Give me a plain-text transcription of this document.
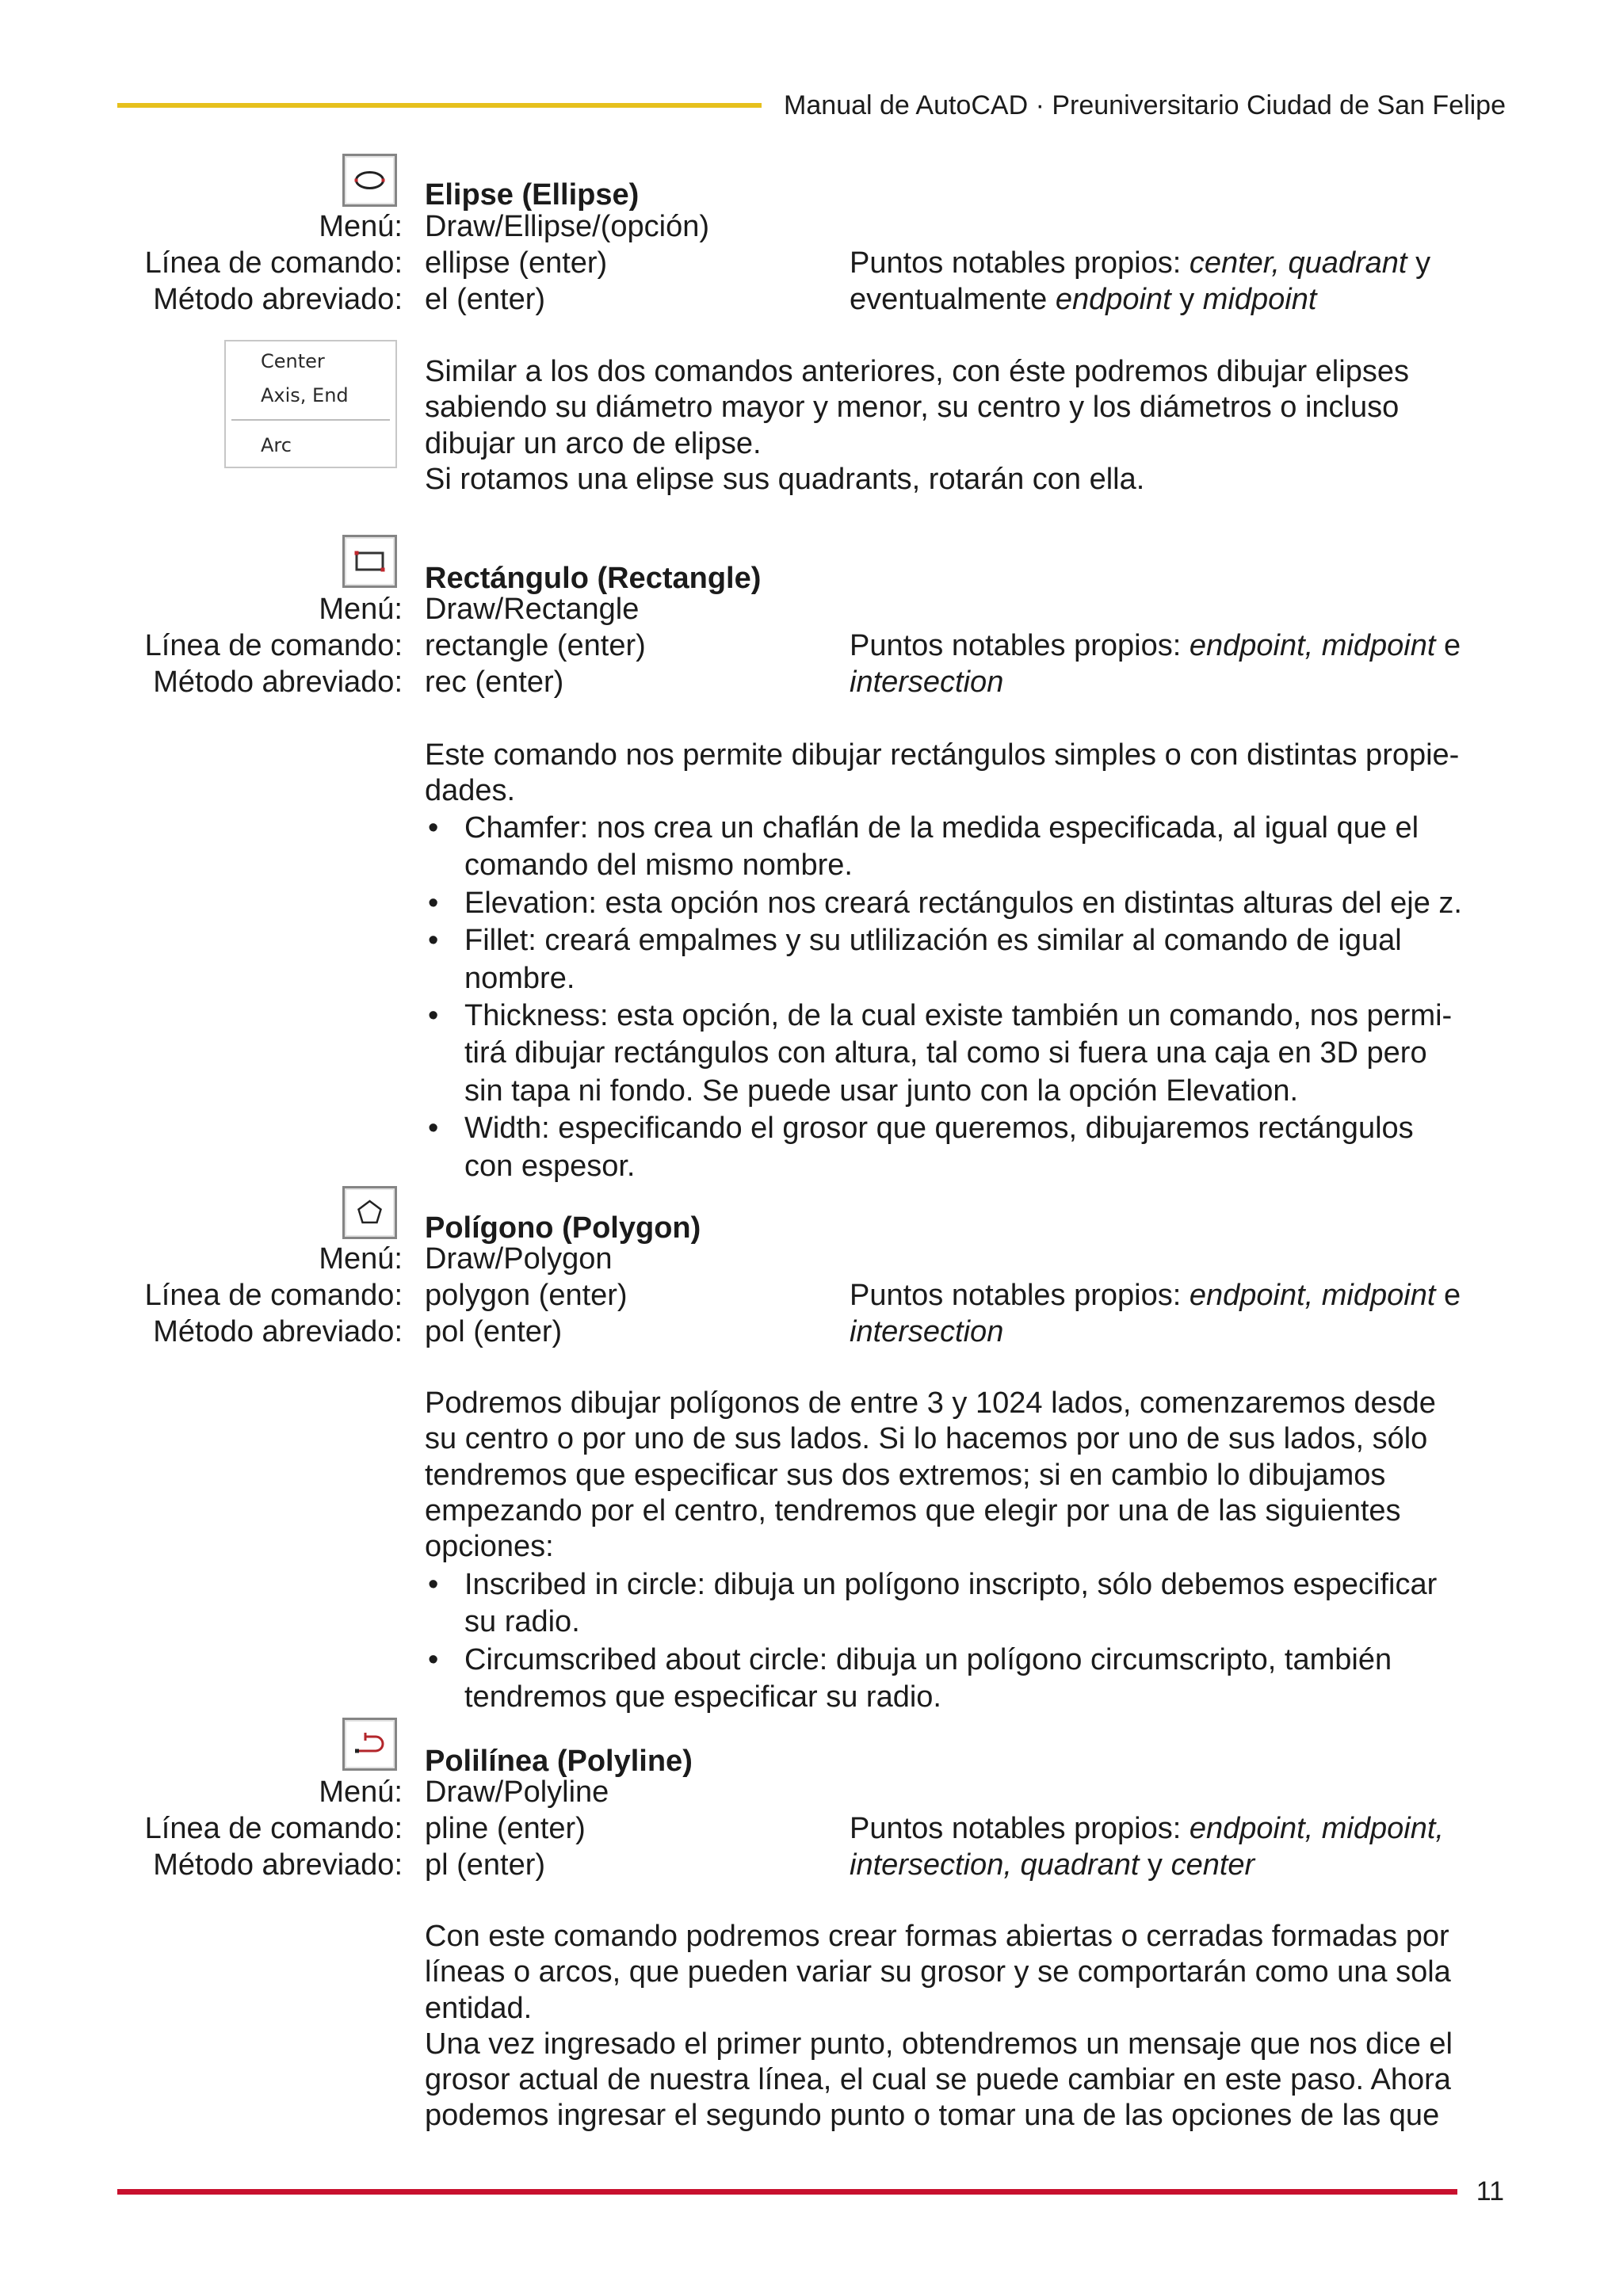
Manual de AutoCAD · Preuniversitario Ciudad de San Felipe
Elipse (Ellipse)
Menú: Draw/Ellipse/(opción)
Línea de comando: ellipse (enter)
Método abreviado: el (enter)
Puntos notables propios: center, quadrant y
eventualmente endpoint y midpoint
Center
Axis, End
Arc
Similar a los dos comandos anteriores, con éste podremos dibujar elipses
sabiendo su diámetro mayor y menor, su centro y los diámetros o incluso
dibujar un arco de elipse.
Si rotamos una elipse sus quadrants, rotarán con ella.
Rectángulo (Rectangle)
Menú: Draw/Rectangle
Línea de comando: rectangle (enter)
Método abreviado: rec (enter)
Puntos notables propios: endpoint, midpoint e
intersection
Este comando nos permite dibujar rectángulos simples o con distintas propie-
dades.
• Chamfer: nos crea un chaflán de la medida especificada, al igual que el
comando del mismo nombre.
• Elevation: esta opción nos creará rectángulos en distintas alturas del eje z.
• Fillet: creará empalmes y su utlilización es similar al comando de igual
nombre.
• Thickness: esta opción, de la cual existe también un comando, nos permi-
tirá dibujar rectángulos con altura, tal como si fuera una caja en 3D pero
sin tapa ni fondo. Se puede usar junto con la opción Elevation.
• Width: especificando el grosor que queremos, dibujaremos rectángulos
con espesor.
Polígono (Polygon)
Menú: Draw/Polygon
Línea de comando: polygon (enter)
Método abreviado: pol (enter)
Puntos notables propios: endpoint, midpoint e
intersection
Podremos dibujar polígonos de entre 3 y 1024 lados, comenzaremos desde
su centro o por uno de sus lados. Si lo hacemos por uno de sus lados, sólo
tendremos que especificar sus dos extremos; si en cambio lo dibujamos
empezando por el centro, tendremos que elegir por una de las siguientes
opciones:
• Inscribed in circle: dibuja un polígono inscripto, sólo debemos especificar
su radio.
• Circumscribed about circle: dibuja un polígono circumscripto, también
tendremos que especificar su radio.
Polilínea (Polyline)
Menú: Draw/Polyline
Línea de comando: pline (enter)
Método abreviado: pl (enter)
Puntos notables propios: endpoint, midpoint,
intersection, quadrant y center
Con este comando podremos crear formas abiertas o cerradas formadas por
líneas o arcos, que pueden variar su grosor y se comportarán como una sola
entidad.
Una vez ingresado el primer punto, obtendremos un mensaje que nos dice el
grosor actual de nuestra línea, el cual se puede cambiar en este paso. Ahora
podemos ingresar el segundo punto o tomar una de las opciones de las que
11
